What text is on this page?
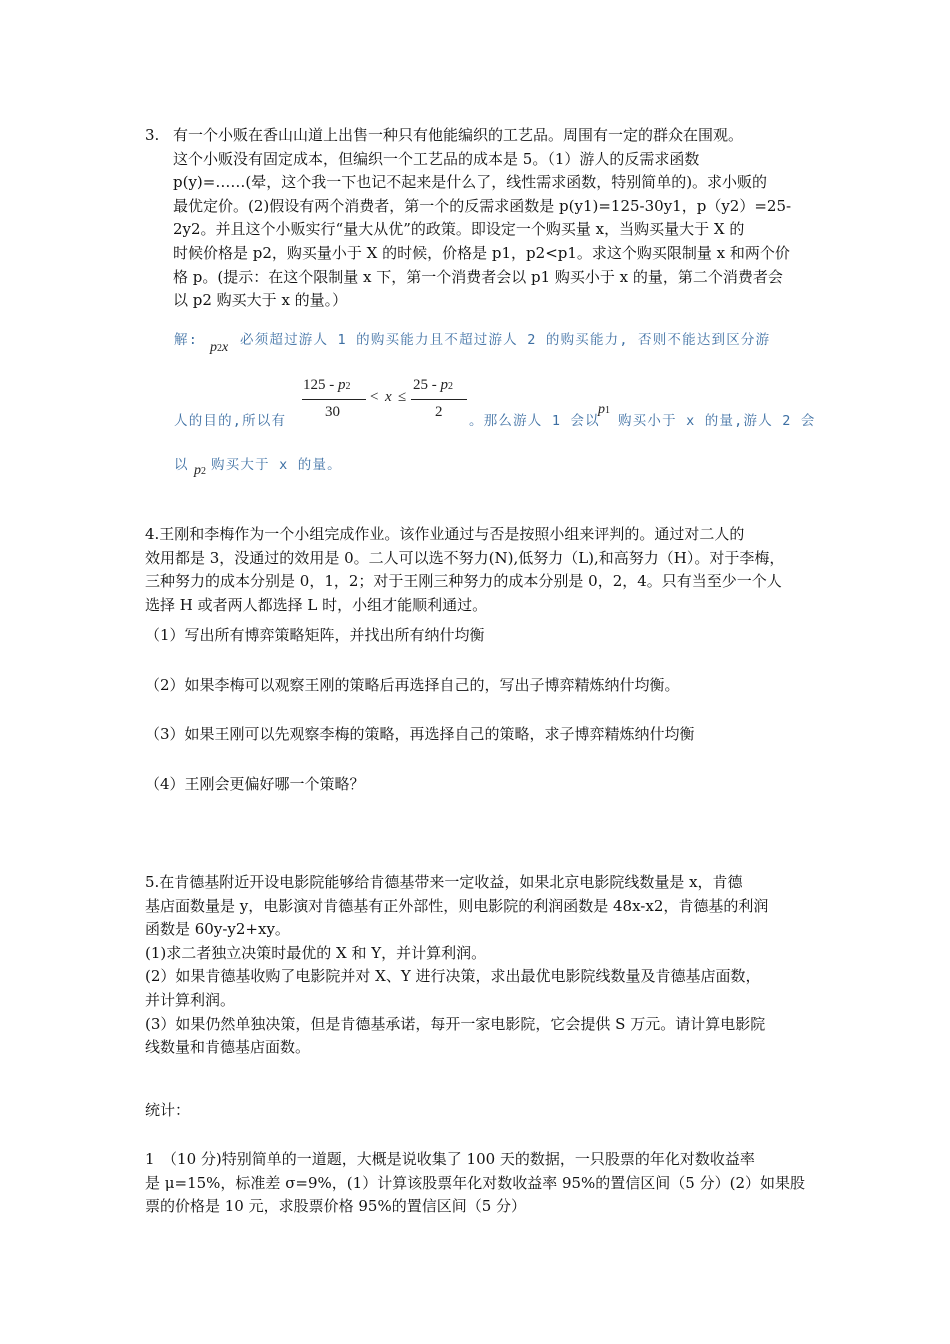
3. 有一个小贩在香山山道上出售一种只有他能编织的工艺品。周围有一定的群众在围观。
这个小贩没有固定成本，但编织一个工艺品的成本是 5。（1）游人的反需求函数
p(y)=……(晕，这个我一下也记不起来是什么了，线性需求函数，特别简单的)。求小贩的
最优定价。(2)假设有两个消费者，第一个的反需求函数是 p(y1)=125-30y1，p（y2）=25-
2y2。并且这个小贩实行“量大从优”的政策。即设定一个购买量 x，当购买量大于 X 的
时候价格是 p2，购买量小于 X 的时候，价格是 p1，p2<p1。求这个购买限制量 x 和两个价
格 p。(提示：在这个限制量 x 下，第一个消费者会以 p1 购买小于 x 的量，第二个消费者会
以 p2 购买大于 x 的量。）
解: p2x 必须超过游人 1 的购买能力且不超过游人 2 的购买能力, 否则不能达到区分游
人的目的,所以有
125 - p2
30
< x ≤
25 - p2
2
。那么游人 1 会以
p1
购买小于 x 的量,游人 2 会
以 p2 购买大于 x 的量。
4.王刚和李梅作为一个小组完成作业。该作业通过与否是按照小组来评判的。通过对二人的
效用都是 3，没通过的效用是 0。二人可以选不努力(N),低努力（L),和高努力（H）。对于李梅，
三种努力的成本分别是 0，1，2；对于王刚三种努力的成本分别是 0，2，4。只有当至少一个人
选择 H 或者两人都选择 L 时，小组才能顺利通过。
（1）写出所有博弈策略矩阵，并找出所有纳什均衡
（2）如果李梅可以观察王刚的策略后再选择自己的，写出子博弈精炼纳什均衡。
（3）如果王刚可以先观察李梅的策略，再选择自己的策略，求子博弈精炼纳什均衡
（4）王刚会更偏好哪一个策略？
5.在肯德基附近开设电影院能够给肯德基带来一定收益，如果北京电影院线数量是 x，肯德
基店面数量是 y，电影演对肯德基有正外部性，则电影院的利润函数是 48x-x2，肯德基的利润
函数是 60y-y2+xy。
(1)求二者独立决策时最优的 X 和 Y，并计算利润。
(2）如果肯德基收购了电影院并对 X、Y 进行决策，求出最优电影院线数量及肯德基店面数，
并计算利润。
(3）如果仍然单独决策，但是肯德基承诺，每开一家电影院，它会提供 S 万元。请计算电影院
线数量和肯德基店面数。
统计：
1　（10 分)特别简单的一道题，大概是说收集了 100 天的数据，一只股票的年化对数收益率
是 μ=15%，标准差 σ=9%，(1）计算该股票年化对数收益率 95%的置信区间（5 分）(2）如果股
票的价格是 10 元，求股票价格 95%的置信区间（5 分）
